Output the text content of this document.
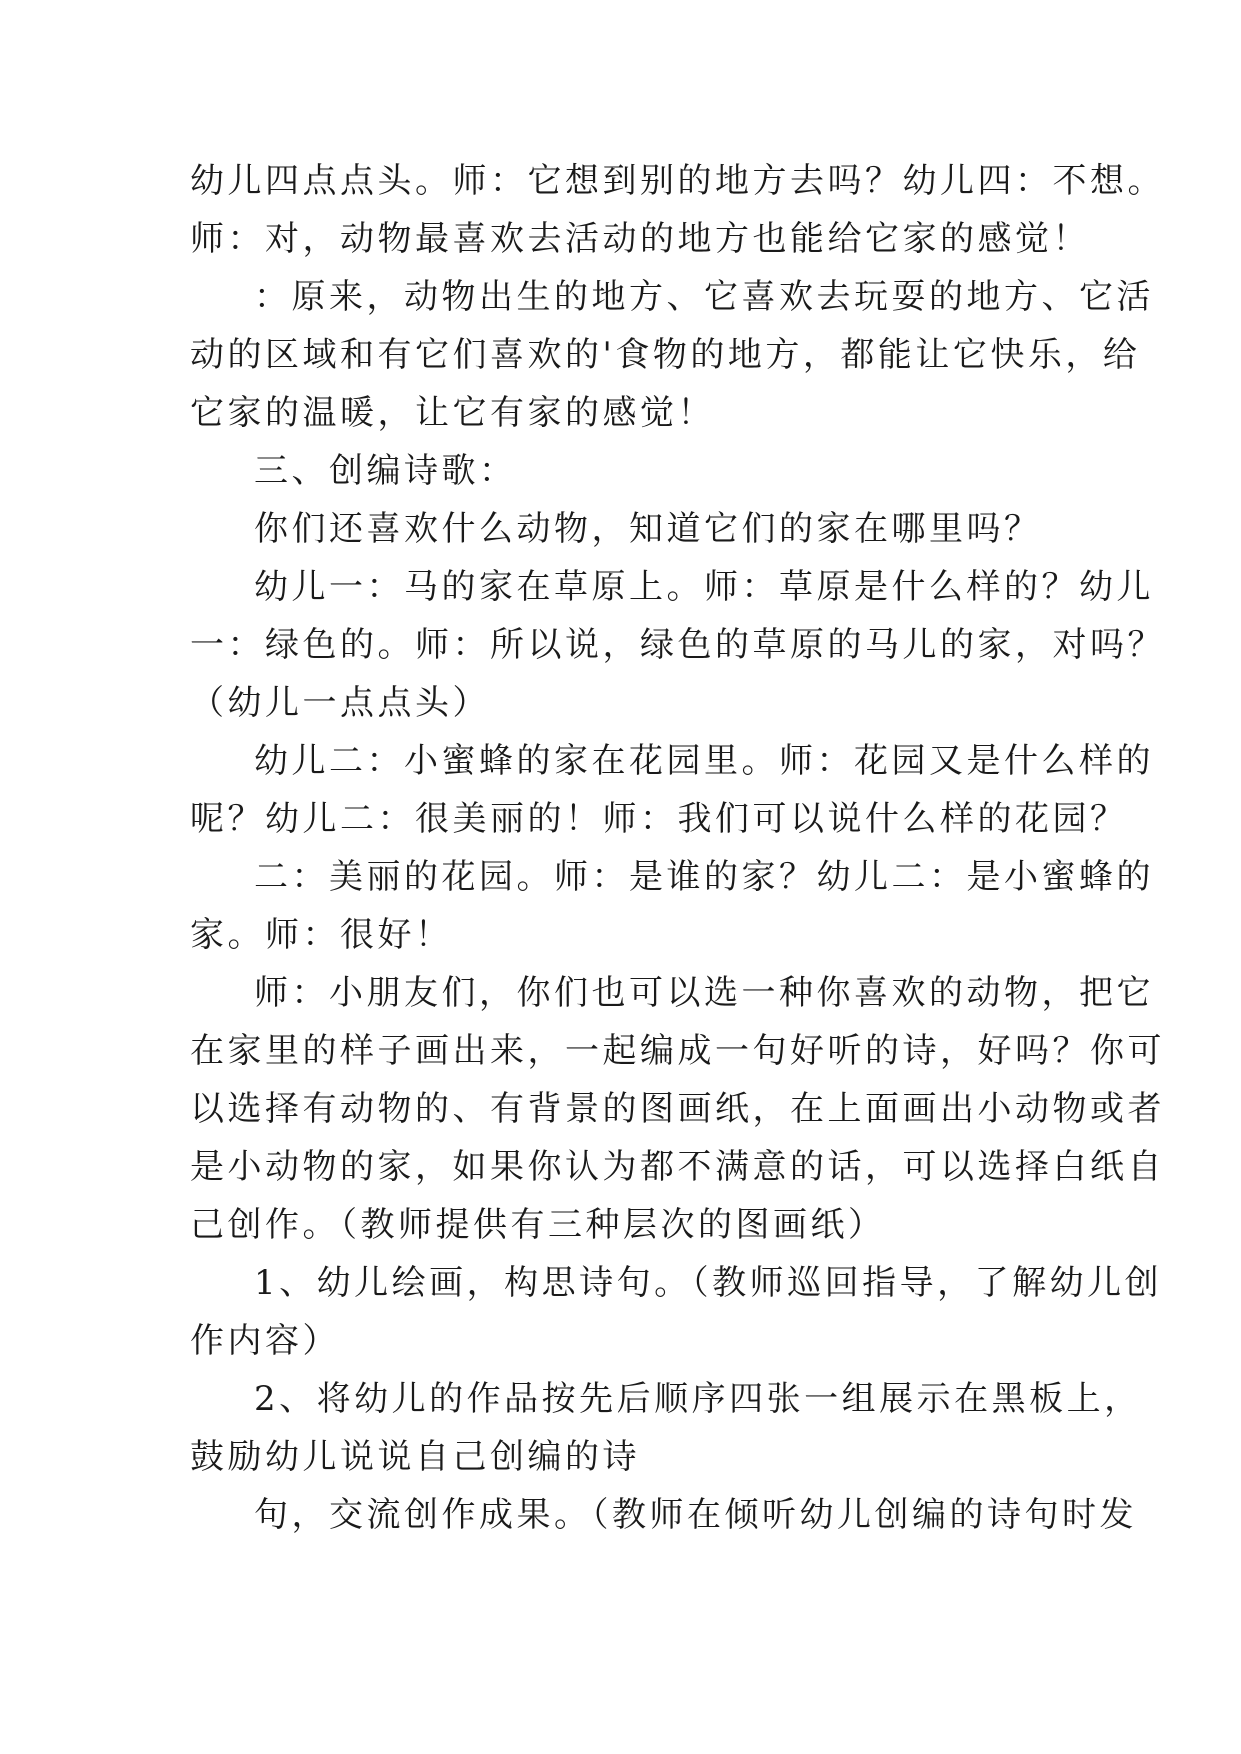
幼儿四点点头。师：它想到别的地方去吗？幼儿四：不想。
师：对，动物最喜欢去活动的地方也能给它家的感觉！
：原来，动物出生的地方、它喜欢去玩耍的地方、它活
动的区域和有它们喜欢的'食物的地方，都能让它快乐，给
它家的温暖，让它有家的感觉！
三、创编诗歌：
你们还喜欢什么动物，知道它们的家在哪里吗？
幼儿一：马的家在草原上。师：草原是什么样的？幼儿
一：绿色的。师：所以说，绿色的草原的马儿的家，对吗？
（幼儿一点点头）
幼儿二：小蜜蜂的家在花园里。师：花园又是什么样的
呢？幼儿二：很美丽的！师：我们可以说什么样的花园？
二：美丽的花园。师：是谁的家？幼儿二：是小蜜蜂的
家。师：很好！
师：小朋友们，你们也可以选一种你喜欢的动物，把它
在家里的样子画出来，一起编成一句好听的诗，好吗？你可
以选择有动物的、有背景的图画纸，在上面画出小动物或者
是小动物的家，如果你认为都不满意的话，可以选择白纸自
己创作。（教师提供有三种层次的图画纸）
1、幼儿绘画，构思诗句。（教师巡回指导，了解幼儿创
作内容）
2、将幼儿的作品按先后顺序四张一组展示在黑板上，
鼓励幼儿说说自己创编的诗
句，交流创作成果。（教师在倾听幼儿创编的诗句时发
